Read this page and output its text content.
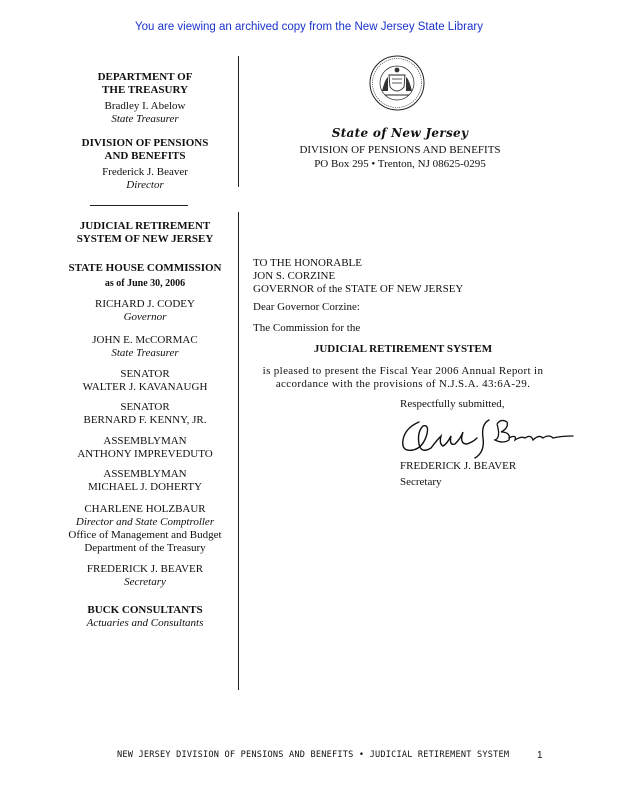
You are viewing an archived copy from the New Jersey State Library
DEPARTMENT OF
THE TREASURY
Bradley I. Abelow
State Treasurer
DIVISION OF PENSIONS
AND BENEFITS
Frederick J. Beaver
Director
JUDICIAL RETIREMENT
SYSTEM OF NEW JERSEY
STATE HOUSE COMMISSION
as of June 30, 2006
RICHARD J. CODEY
Governor
JOHN E. McCORMAC
State Treasurer
SENATOR
WALTER J. KAVANAUGH
SENATOR
BERNARD F. KENNY, JR.
ASSEMBLYMAN
ANTHONY IMPREVEDUTO
ASSEMBLYMAN
MICHAEL J. DOHERTY
CHARLENE HOLZBAUR
Director and State Comptroller
Office of Management and Budget
Department of the Treasury
FREDERICK J. BEAVER
Secretary
BUCK CONSULTANTS
Actuaries and Consultants
State of New Jersey
DIVISION OF PENSIONS AND BENEFITS
PO Box 295 • Trenton, NJ 08625-0295
TO THE HONORABLE
JON S. CORZINE
GOVERNOR of the STATE OF NEW JERSEY
Dear Governor Corzine:
The Commission for the
JUDICIAL RETIREMENT SYSTEM
is pleased to present the Fiscal Year 2006 Annual Report in
accordance with the provisions of N.J.S.A. 43:6A-29.
Respectfully submitted,
FREDERICK J. BEAVER
Secretary
NEW JERSEY DIVISION OF PENSIONS AND BENEFITS • JUDICIAL RETIREMENT SYSTEM	1
